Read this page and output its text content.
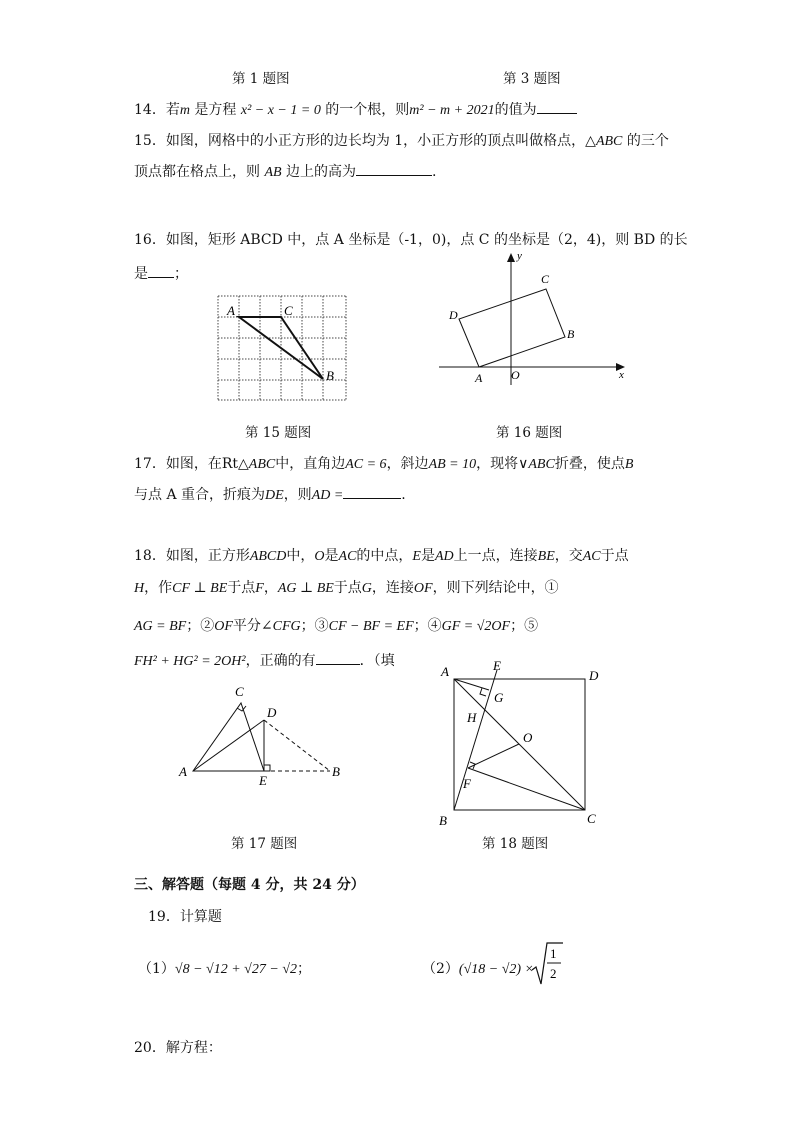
第 1 题图	第 3 题图
14．若m 是方程 x² − x − 1 = 0 的一个根，则m² − m + 2021的值为
15．如图，网格中的小正方形的边长均为 1，小正方形的顶点叫做格点，△ABC 的三个
顶点都在格点上，则 AB 边上的高为	.
16．如图，矩形 ABCD 中，点 A 坐标是（-1，0)，点 C 的坐标是（2，4)，则 BD 的长
是 ；
A	C
B
y
x
C
D
B
A O
第 15 题图	第 16 题图
17．如图，在Rt△ABC中，直角边AC = 6，斜边AB = 10，现将∨ABC折叠，使点B
与点 A 重合，折痕为DE，则AD =	.
18．如图，正方形ABCD中，O是AC的中点，E是AD上一点，连接BE，交AC于点
H，作CF ⊥ BE于点F，AG ⊥ BE于点G，连接OF，则下列结论中，①
AG = BF；②OF平分∠CFG；③CF − BF = EF；④GF = √2OF；⑤
FH² + HG² = 2OH²，正确的有	．（填
C
D
A
E
B
A	E
D
G
H
O
F
B	C
第 17 题图	第 18 题图
三、解答题（每题 4 分，共 24 分）
19．计算题
（1）√8 − √12 + √27 − √2；	（2）(√18 − √2) ×
1
2
20．解方程：
